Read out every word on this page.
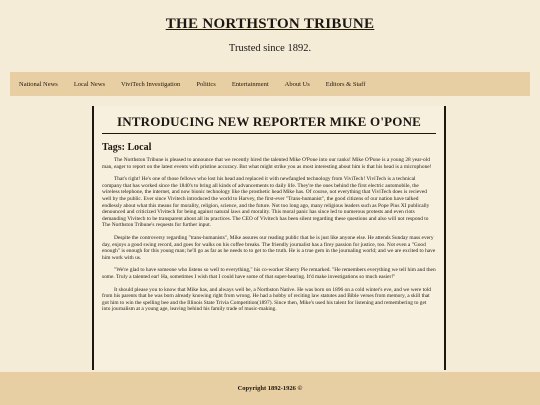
THE NORTHSTON TRIBUNE

Trusted since 1892.

National News Local News ViviTech Investigation Politics Entertainment About Us Editors & Staff
INTRODUCING NEW REPORTER MIKE O'PONE
Tags: Local

The Northston Tribune is pleased to announce that we recently hired the talented Mike O'Pone into our ranks! Mike O'Pone is a young 28 year-old man, eager to report on the latest events with pristine accuracy. But what might strike you as most interesting about him is that his head is a microphone!

That's right! He's one of those fellows who lost his head and replaced it with newfangled technology from ViviTech! ViviTech is a technical company that has worked since the 1840's to bring all kinds of advancements to daily life. They're the ones behind the first electric automobile, the wireless telephone, the internet, and now bionic technology like the prosthetic head Mike has. Of course, not everything that ViviTech does is recieved well by the public. Ever since Vivitech introduced the world to Harvey, the first-ever "Trans-humanist", the good citizens of our nation have talked endlessly about what this means for morality, religion, science, and the future. Not too long ago, many religious leaders such as Pope Pius XI publically denounced and criticized Vivitech for being against natural laws and morality. This moral panic has since led to numerous protests and even riots demanding Vivitech to be transparent about all its practices. The CEO of Vivitech has been silent regarding these questions and also will not respond to The Northston Tribune's requests for further input.

Despite the controversy regarding "trans-humanists", Mike assures our reading public that he is just like anyone else. He attends Sunday mass every day, enjoys a good swing record, and goes for walks on his coffee breaks. The friendly journalist has a firey passion for justice, too. Not even a "Good enough" is enough for this young man; he'll go as far as he needs to to get to the truth. He is a true gem in the journaling world; and we are excited to have him work with us.

"We're glad to have someone who listens so well to everything," his co-worker Sherry Pie remarked. "He remembers everything we tell him and then some. Truly a talented ear! Ha, sometimes I wish that I could have some of that super-hearing. It'd make investigations so much easier!"

It should please you to know that Mike has, and always well be, a Northston Native. He was born on 1896 on a cold winter's eve, and we were told from his parents that he was born already knowing right from wrong. He had a hobby of reciting law statutes and Bible verses from memory, a skill that got him to win the spelling bee and the Illinois State Trivia Competition(1897). Since then, Mike's used his talent for listening and remembering to get into journalism at a young age, leaving behind his family trade of music-making.

Copyright 1892-1926 ©
